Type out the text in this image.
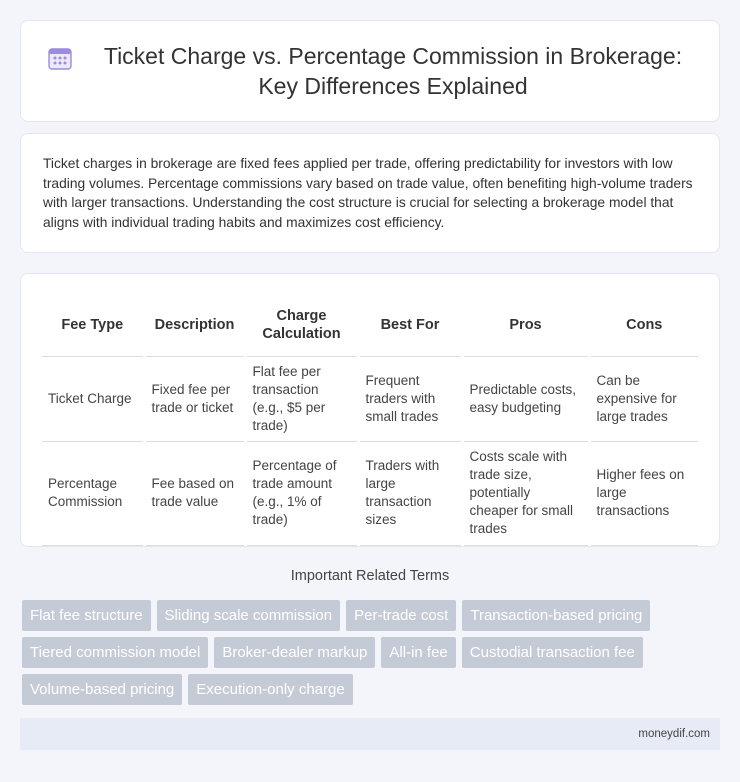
Ticket Charge vs. Percentage Commission in Brokerage: Key Differences Explained

Ticket charges in brokerage are fixed fees applied per trade, offering predictability for investors with low trading volumes. Percentage commissions vary based on trade value, often benefiting high-volume traders with larger transactions. Understanding the cost structure is crucial for selecting a brokerage model that aligns with individual trading habits and maximizes cost efficiency.

Fee Type	Description	Charge Calculation	Best For	Pros	Cons
Ticket Charge	Fixed fee per trade or ticket	Flat fee per transaction (e.g., $5 per trade)	Frequent traders with small trades	Predictable costs, easy budgeting	Can be expensive for large trades
Percentage Commission	Fee based on trade value	Percentage of trade amount (e.g., 1% of trade)	Traders with large transaction sizes	Costs scale with trade size, potentially cheaper for small trades	Higher fees on large transactions
Important Related Terms
Flat fee structure	Sliding scale commission	Per-trade cost	Transaction-based pricing
Tiered commission model	Broker-dealer markup	All-in fee	Custodial transaction fee
Volume-based pricing	Execution-only charge
moneydif.com
